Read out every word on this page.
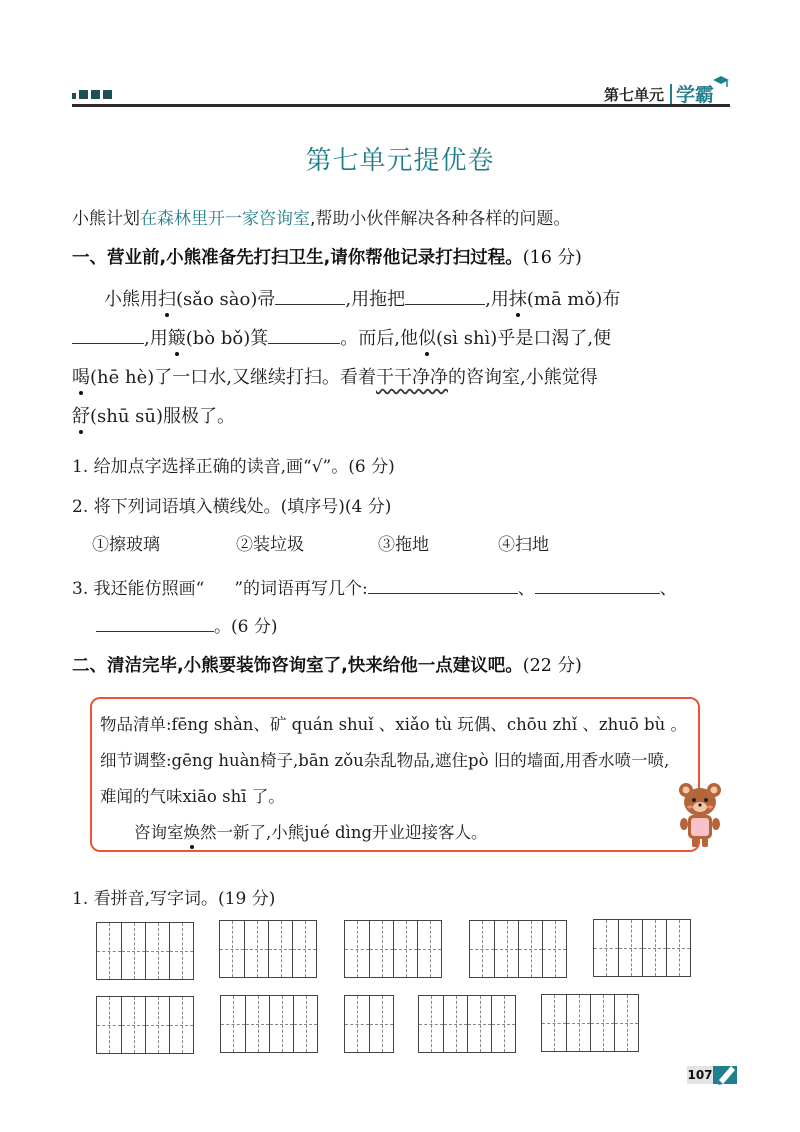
第七单元 学霸
第七单元提优卷
小熊计划在森林里开一家咨询室,帮助小伙伴解决各种各样的问题。
一、营业前,小熊准备先打扫卫生,请你帮他记录打扫过程。(16 分)
小熊用扫(sǎo sào)帚	,用拖把	,用抹(mā mǒ)布
,用簸(bò bǒ)箕	。而后,他似(sì shì)乎是口渴了,便
喝(hē hè)了一口水,又继续打扫。看着干干净净的咨询室,小熊觉得
舒(shū sū)服极了。
1. 给加点字选择正确的读音,画“√”。(6 分)
2. 将下列词语填入横线处。(填序号)(4 分)
①擦玻璃	②装垃圾	③拖地	④扫地
3. 我还能仿照画“ ”的词语再写几个:	、	、
。(6 分)
二、清洁完毕,小熊要装饰咨询室了,快来给他一点建议吧。(22 分)
物品清单:fēng shàn、矿 quán shuǐ 、xiǎo tù 玩偶、chōu zhǐ 、zhuō bù 。
细节调整:gēng huàn椅子,bān zǒu杂乱物品,遮住pò 旧的墙面,用香水喷一喷,
难闻的气味xiāo shī 了。
咨询室焕然一新了,小熊jué dìng开业迎接客人。
1. 看拼音,写字词。(19 分)
107
